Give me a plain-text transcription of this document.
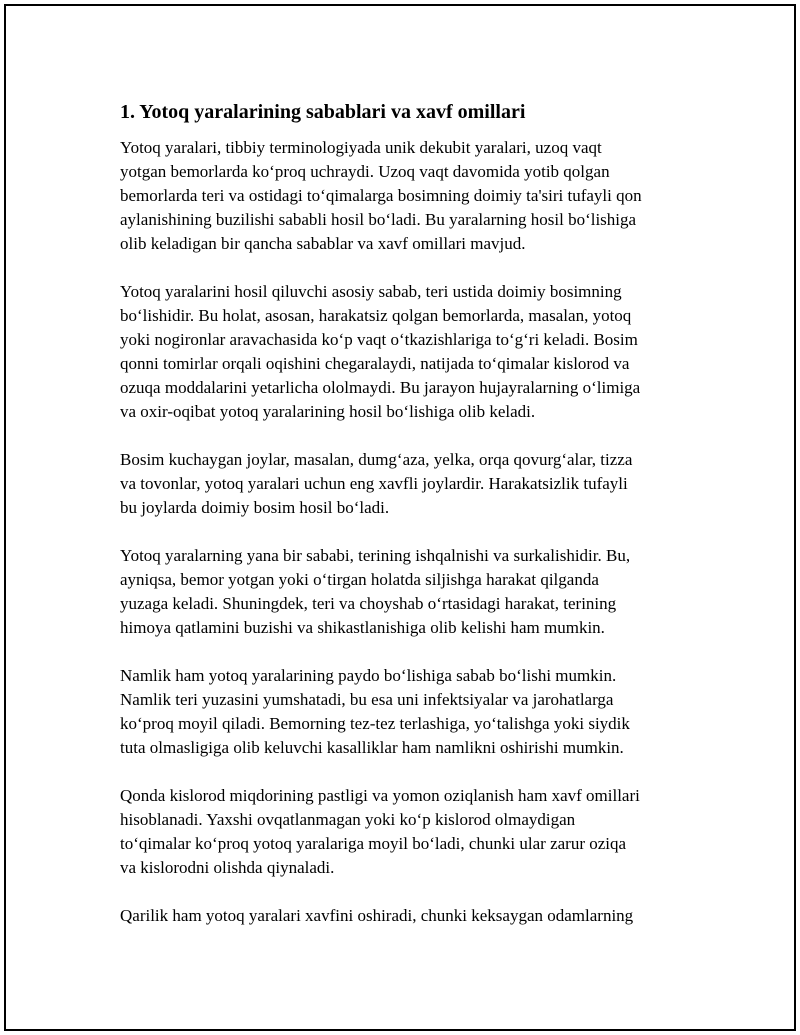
1. Yotoq yaralarining sabablari va xavf omillari

Yotoq yaralari, tibbiy terminologiyada unik dekubit yaralari, uzoq vaqt
yotgan bemorlarda ko‘proq uchraydi. Uzoq vaqt davomida yotib qolgan
bemorlarda teri va ostidagi to‘qimalarga bosimning doimiy ta'siri tufayli qon
aylanishining buzilishi sababli hosil bo‘ladi. Bu yaralarning hosil bo‘lishiga
olib keladigan bir qancha sabablar va xavf omillari mavjud.

Yotoq yaralarini hosil qiluvchi asosiy sabab, teri ustida doimiy bosimning
bo‘lishidir. Bu holat, asosan, harakatsiz qolgan bemorlarda, masalan, yotoq
yoki nogironlar aravachasida ko‘p vaqt o‘tkazishlariga to‘g‘ri keladi. Bosim
qonni tomirlar orqali oqishini chegaralaydi, natijada to‘qimalar kislorod va
ozuqa moddalarini yetarlicha ololmaydi. Bu jarayon hujayralarning o‘limiga
va oxir-oqibat yotoq yaralarining hosil bo‘lishiga olib keladi.

Bosim kuchaygan joylar, masalan, dumg‘aza, yelka, orqa qovurg‘alar, tizza
va tovonlar, yotoq yaralari uchun eng xavfli joylardir. Harakatsizlik tufayli
bu joylarda doimiy bosim hosil bo‘ladi.

Yotoq yaralarning yana bir sababi, terining ishqalnishi va surkalishidir. Bu,
ayniqsa, bemor yotgan yoki o‘tirgan holatda siljishga harakat qilganda
yuzaga keladi. Shuningdek, teri va choyshab o‘rtasidagi harakat, terining
himoya qatlamini buzishi va shikastlanishiga olib kelishi ham mumkin.

Namlik ham yotoq yaralarining paydo bo‘lishiga sabab bo‘lishi mumkin.
Namlik teri yuzasini yumshatadi, bu esa uni infektsiyalar va jarohatlarga
ko‘proq moyil qiladi. Bemorning tez-tez terlashiga, yo‘talishga yoki siydik
tuta olmasligiga olib keluvchi kasalliklar ham namlikni oshirishi mumkin.

Qonda kislorod miqdorining pastligi va yomon oziqlanish ham xavf omillari
hisoblanadi. Yaxshi ovqatlanmagan yoki ko‘p kislorod olmaydigan
to‘qimalar ko‘proq yotoq yaralariga moyil bo‘ladi, chunki ular zarur oziqa
va kislorodni olishda qiynaladi.

Qarilik ham yotoq yaralari xavfini oshiradi, chunki keksaygan odamlarning
